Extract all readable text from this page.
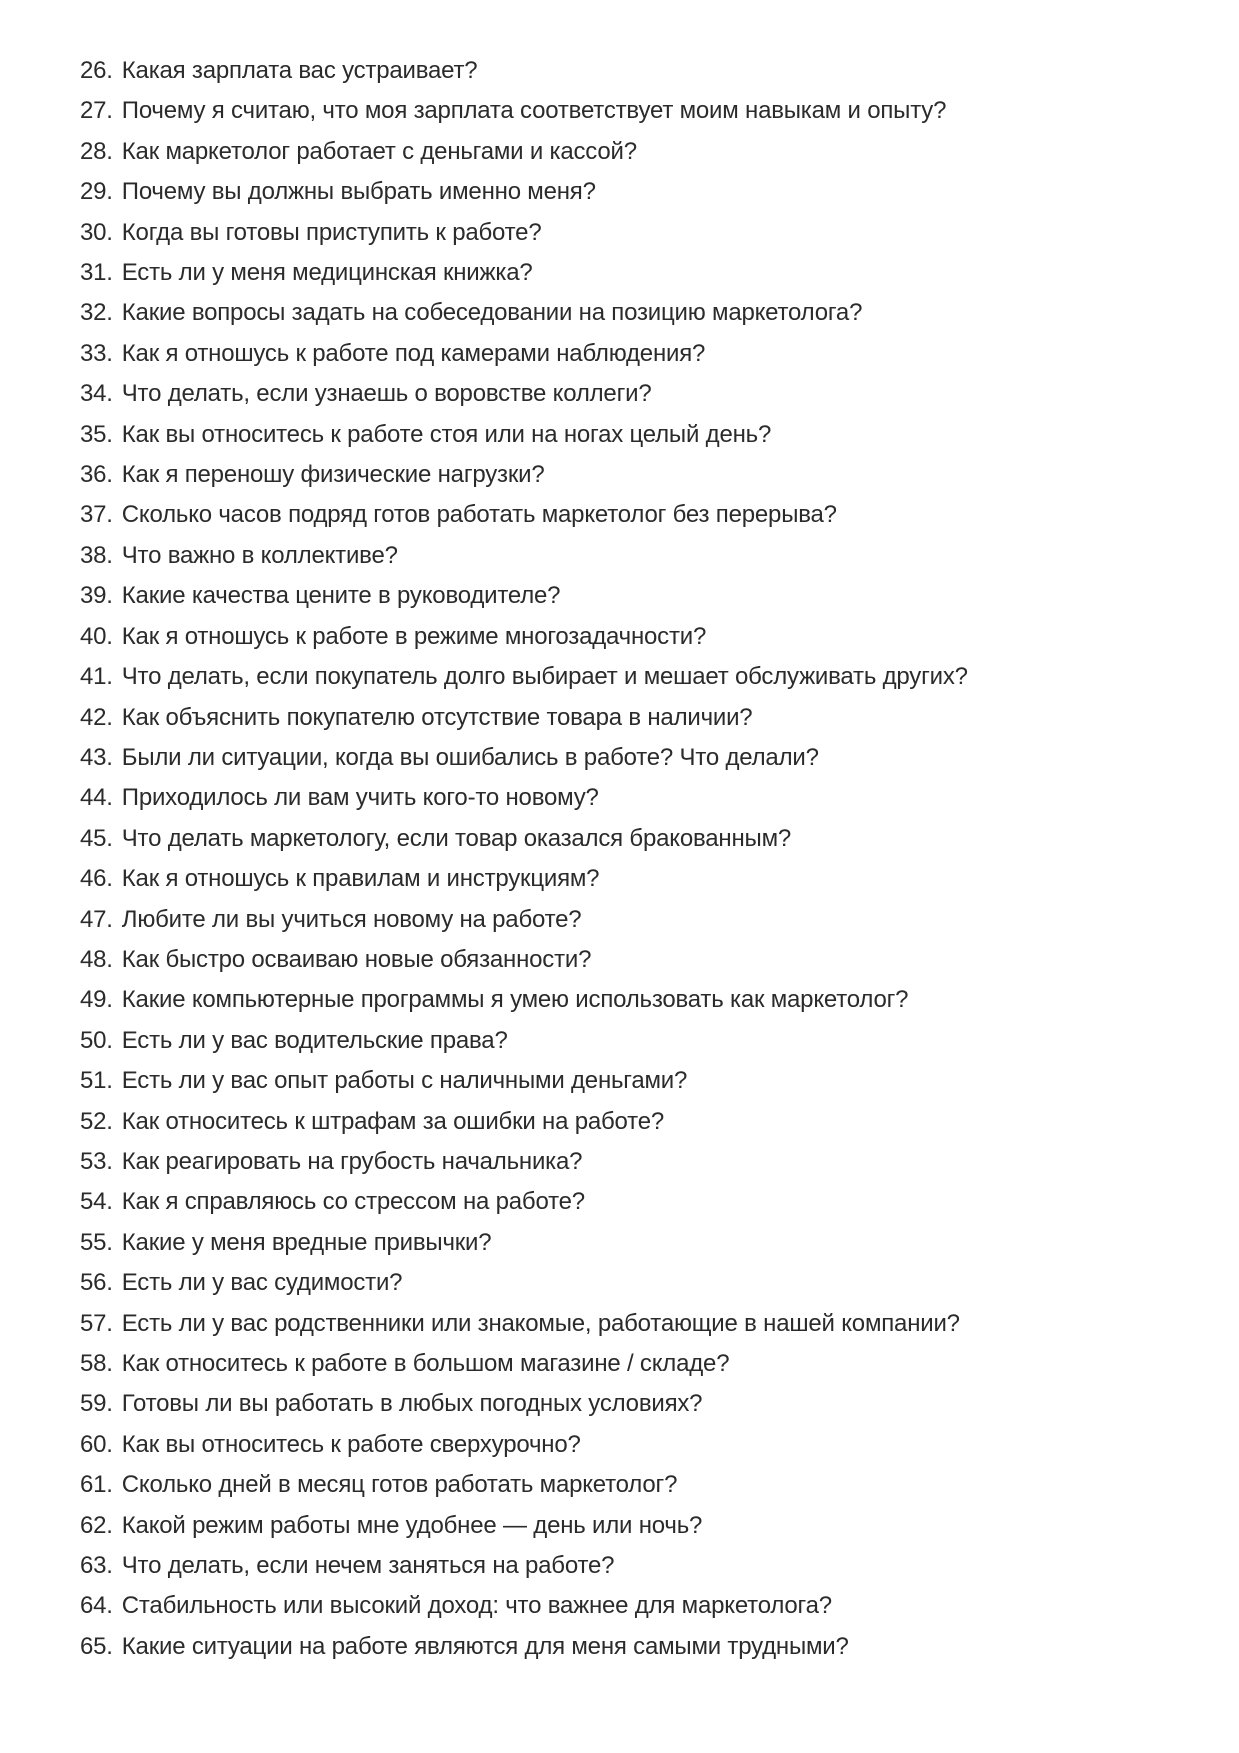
26. Какая зарплата вас устраивает?
27. Почему я считаю, что моя зарплата соответствует моим навыкам и опыту?
28. Как маркетолог работает с деньгами и кассой?
29. Почему вы должны выбрать именно меня?
30. Когда вы готовы приступить к работе?
31. Есть ли у меня медицинская книжка?
32. Какие вопросы задать на собеседовании на позицию маркетолога?
33. Как я отношусь к работе под камерами наблюдения?
34. Что делать, если узнаешь о воровстве коллеги?
35. Как вы относитесь к работе стоя или на ногах целый день?
36. Как я переношу физические нагрузки?
37. Сколько часов подряд готов работать маркетолог без перерыва?
38. Что важно в коллективе?
39. Какие качества цените в руководителе?
40. Как я отношусь к работе в режиме многозадачности?
41. Что делать, если покупатель долго выбирает и мешает обслуживать других?
42. Как объяснить покупателю отсутствие товара в наличии?
43. Были ли ситуации, когда вы ошибались в работе? Что делали?
44. Приходилось ли вам учить кого-то новому?
45. Что делать маркетологу, если товар оказался бракованным?
46. Как я отношусь к правилам и инструкциям?
47. Любите ли вы учиться новому на работе?
48. Как быстро осваиваю новые обязанности?
49. Какие компьютерные программы я умею использовать как маркетолог?
50. Есть ли у вас водительские права?
51. Есть ли у вас опыт работы с наличными деньгами?
52. Как относитесь к штрафам за ошибки на работе?
53. Как реагировать на грубость начальника?
54. Как я справляюсь со стрессом на работе?
55. Какие у меня вредные привычки?
56. Есть ли у вас судимости?
57. Есть ли у вас родственники или знакомые, работающие в нашей компании?
58. Как относитесь к работе в большом магазине / складе?
59. Готовы ли вы работать в любых погодных условиях?
60. Как вы относитесь к работе сверхурочно?
61. Сколько дней в месяц готов работать маркетолог?
62. Какой режим работы мне удобнее — день или ночь?
63. Что делать, если нечем заняться на работе?
64. Стабильность или высокий доход: что важнее для маркетолога?
65. Какие ситуации на работе являются для меня самыми трудными?
